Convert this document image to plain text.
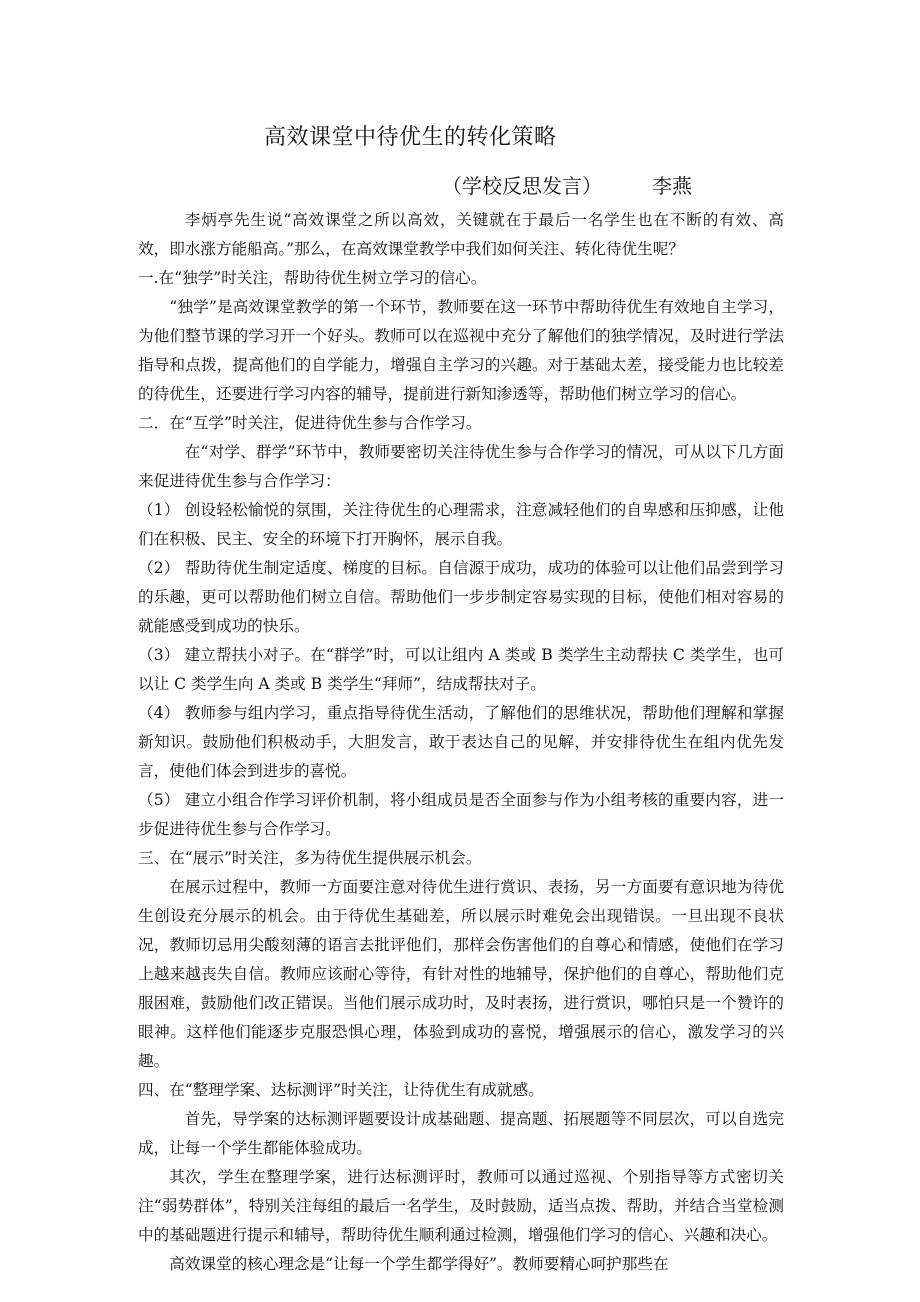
高效课堂中待优生的转化策略
（学校反思发言）	李燕

李炳亭先生说“高效课堂之所以高效，关键就在于最后一名学生也在不断的有效、高效，即水涨方能船高。”那么，在高效课堂教学中我们如何关注、转化待优生呢？

一.在“独学”时关注，帮助待优生树立学习的信心。

“独学”是高效课堂教学的第一个环节，教师要在这一环节中帮助待优生有效地自主学习，为他们整节课的学习开一个好头。教师可以在巡视中充分了解他们的独学情况，及时进行学法指导和点拨，提高他们的自学能力，增强自主学习的兴趣。对于基础太差，接受能力也比较差的待优生，还要进行学习内容的辅导，提前进行新知渗透等，帮助他们树立学习的信心。

二．在“互学”时关注，促进待优生参与合作学习。

在“对学、群学”环节中，教师要密切关注待优生参与合作学习的情况，可从以下几方面来促进待优生参与合作学习：

（1） 创设轻松愉悦的氛围，关注待优生的心理需求，注意减轻他们的自卑感和压抑感，让他们在积极、民主、安全的环境下打开胸怀，展示自我。

（2） 帮助待优生制定适度、梯度的目标。自信源于成功，成功的体验可以让他们品尝到学习的乐趣，更可以帮助他们树立自信。帮助他们一步步制定容易实现的目标，使他们相对容易的就能感受到成功的快乐。

（3） 建立帮扶小对子。在“群学”时，可以让组内 A 类或 B 类学生主动帮扶 C 类学生，也可以让 C 类学生向 A 类或 B 类学生“拜师”，结成帮扶对子。

（4） 教师参与组内学习，重点指导待优生活动，了解他们的思维状况，帮助他们理解和掌握新知识。鼓励他们积极动手，大胆发言，敢于表达自己的见解，并安排待优生在组内优先发言，使他们体会到进步的喜悦。

（5） 建立小组合作学习评价机制，将小组成员是否全面参与作为小组考核的重要内容，进一步促进待优生参与合作学习。

三、在“展示”时关注，多为待优生提供展示机会。

在展示过程中，教师一方面要注意对待优生进行赏识、表扬，另一方面要有意识地为待优生创设充分展示的机会。由于待优生基础差，所以展示时难免会出现错误。一旦出现不良状况，教师切忌用尖酸刻薄的语言去批评他们，那样会伤害他们的自尊心和情感，使他们在学习上越来越丧失自信。教师应该耐心等待，有针对性的地辅导，保护他们的自尊心，帮助他们克服困难，鼓励他们改正错误。当他们展示成功时，及时表扬，进行赏识，哪怕只是一个赞许的眼神。这样他们能逐步克服恐惧心理，体验到成功的喜悦，增强展示的信心，激发学习的兴趣。

四、在“整理学案、达标测评”时关注，让待优生有成就感。

首先，导学案的达标测评题要设计成基础题、提高题、拓展题等不同层次，可以自选完成，让每一个学生都能体验成功。

其次，学生在整理学案，进行达标测评时，教师可以通过巡视、个别指导等方式密切关注“弱势群体”，特别关注每组的最后一名学生，及时鼓励，适当点拨、帮助，并结合当堂检测中的基础题进行提示和辅导，帮助待优生顺利通过检测，增强他们学习的信心、兴趣和决心。

高效课堂的核心理念是“让每一个学生都学得好”。教师要精心呵护那些在
